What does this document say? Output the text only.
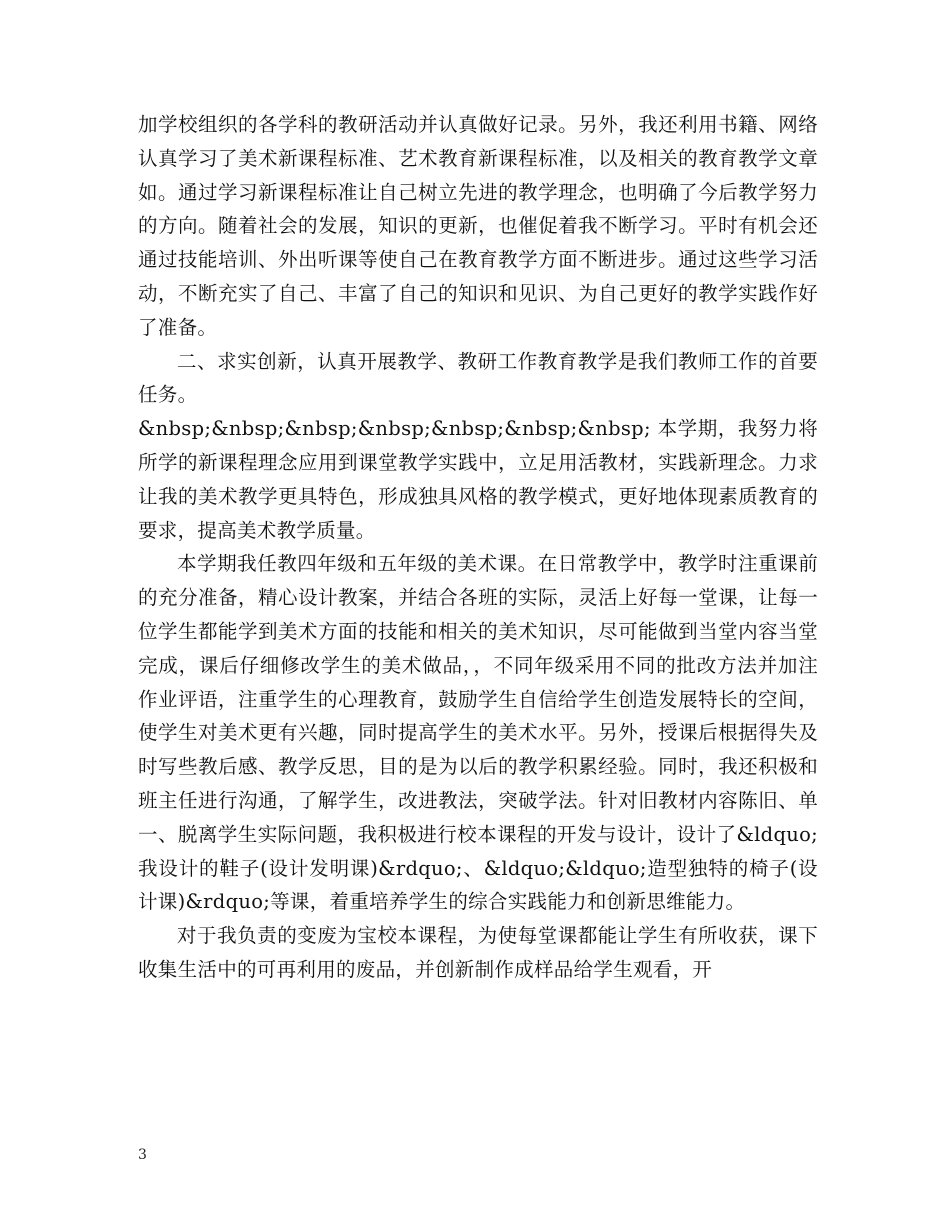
加学校组织的各学科的教研活动并认真做好记录。另外，我还利用书籍、网络认真学习了美术新课程标准、艺术教育新课程标准，以及相关的教育教学文章如。通过学习新课程标准让自己树立先进的教学理念，也明确了今后教学努力的方向。随着社会的发展，知识的更新，也催促着我不断学习。平时有机会还通过技能培训、外出听课等使自己在教育教学方面不断进步。通过这些学习活动，不断充实了自己、丰富了自己的知识和见识、为自己更好的教学实践作好了准备。

二、求实创新，认真开展教学、教研工作教育教学是我们教师工作的首要任务。

&nbsp;&nbsp;&nbsp;&nbsp;&nbsp;&nbsp;&nbsp; 本学期，我努力将所学的新课程理念应用到课堂教学实践中，立足用活教材，实践新理念。力求让我的美术教学更具特色，形成独具风格的教学模式，更好地体现素质教育的要求，提高美术教学质量。

本学期我任教四年级和五年级的美术课。在日常教学中，教学时注重课前的充分准备，精心设计教案，并结合各班的实际，灵活上好每一堂课，让每一位学生都能学到美术方面的技能和相关的美术知识，尽可能做到当堂内容当堂完成，课后仔细修改学生的美术做品，，不同年级采用不同的批改方法并加注作业评语，注重学生的心理教育，鼓励学生自信给学生创造发展特长的空间，使学生对美术更有兴趣，同时提高学生的美术水平。另外，授课后根据得失及时写些教后感、教学反思，目的是为以后的教学积累经验。同时，我还积极和班主任进行沟通，了解学生，改进教法，突破学法。针对旧教材内容陈旧、单一、脱离学生实际问题，我积极进行校本课程的开发与设计，设计了&ldquo;我设计的鞋子(设计发明课)&rdquo;、&ldquo;&ldquo;造型独特的椅子(设计课)&rdquo;等课，着重培养学生的综合实践能力和创新思维能力。

对于我负责的变废为宝校本课程，为使每堂课都能让学生有所收获，课下收集生活中的可再利用的废品，并创新制作成样品给学生观看，开

3
